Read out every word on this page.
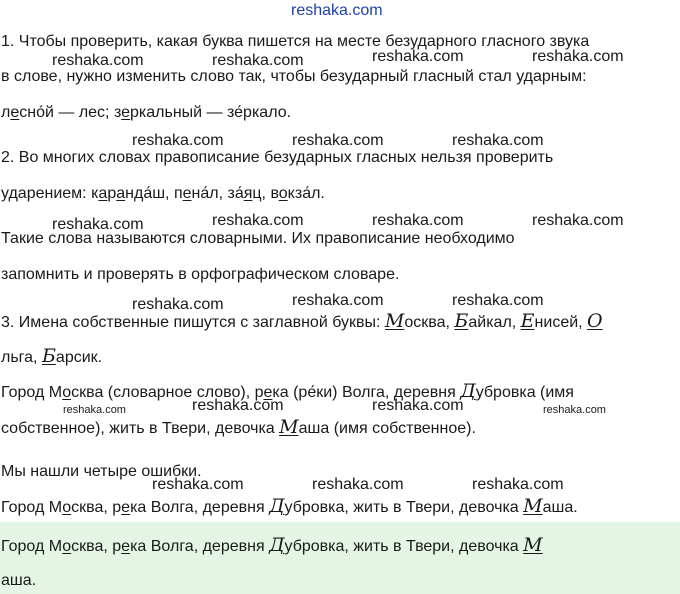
reshaka.com
reshaka.com	reshaka.com	reshaka.com	reshaka.com
reshaka.com	reshaka.com	reshaka.com
reshaka.com	reshaka.com	reshaka.com	reshaka.com
reshaka.com	reshaka.com	reshaka.com
reshaka.com	reshaka.com	reshaka.com	reshaka.com
reshaka.com	reshaka.com	reshaka.com
1. Чтобы проверить, какая буква пишется на месте безударного гласного звука
в слове, нужно изменить слово так, чтобы безударный гласный стал ударным:
лесно́й — лес; зеркальный — зе́ркало.
2. Во многих словах правописание безударных гласных нельзя проверить
ударением: каранда́ш, пена́л, за́яц, вокза́л.
Такие слова называются словарными. Их правописание необходимо
запомнить и проверять в орфографическом словаре.
3. Имена собственные пишутся с заглавной буквы: Москва, Байкал, Енисей, О
льга, Барсик.
Город Москва (словарное слово), река (ре́ки) Волга, деревня Дубровка (имя
собственное), жить в Твери, девочка Маша (имя собственное).
Мы нашли четыре ошибки.
Город Москва, река Волга, деревня Дубровка, жить в Твери, девочка Маша.
Город Москва, река Волга, деревня Дубровка, жить в Твери, девочка М
аша.
